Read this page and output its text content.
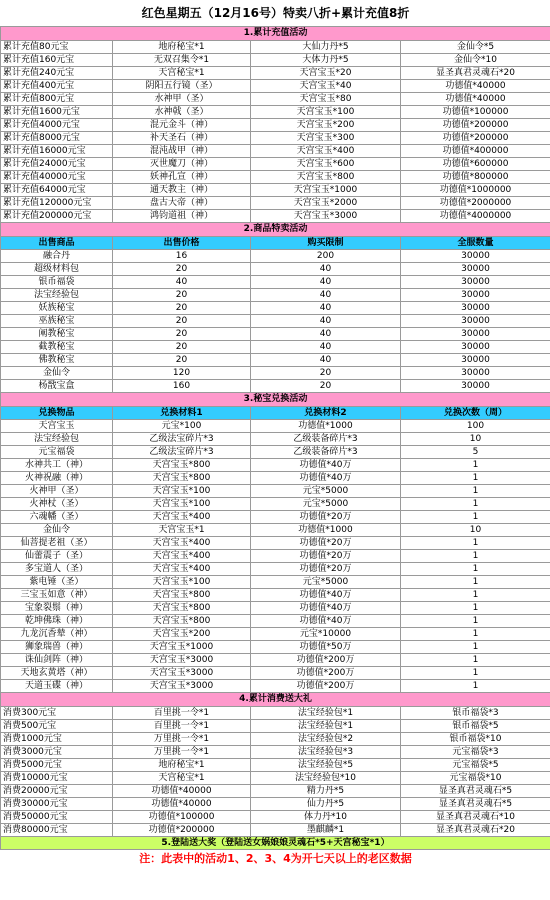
红色星期五（12月16号）特卖八折+累计充值8折			
1.累计充值活动			
累计充值80元宝	地府秘宝*1	大仙力丹*5	金仙令*5
累计充值160元宝	无双召集令*1	大体力丹*5	金仙令*10
累计充值240元宝	天宫秘宝*1	天宫宝玉*20	显圣真君灵魂石*20
累计充值400元宝	阴阳五行镜（圣）	天宫宝玉*40	功德值*40000
累计充值800元宝	水神甲（圣）	天宫宝玉*80	功德值*40000
累计充值1600元宝	水神戟（圣）	天宫宝玉*100	功德值*100000
累计充值4000元宝	混元金斗（神）	天宫宝玉*200	功德值*200000
累计充值8000元宝	补天圣石（神）	天宫宝玉*300	功德值*200000
累计充值16000元宝	混沌战甲（神）	天宫宝玉*400	功德值*400000
累计充值24000元宝	灭世魔刀（神）	天宫宝玉*600	功德值*600000
累计充值40000元宝	妖神孔宣（神）	天宫宝玉*800	功德值*800000
累计充值64000元宝	通天教主（神）	天宫宝玉*1000	功德值*1000000
累计充值120000元宝	盘古大帝（神）	天宫宝玉*2000	功德值*2000000
累计充值200000元宝	鸿钧道祖（神）	天宫宝玉*3000	功德值*4000000
2.商品特卖活动			
出售商品	出售价格	购买限制	全服数量
融合丹	16	200	30000
超级材料包	20	40	30000
银币福袋	40	40	30000
法宝经验包	20	40	30000
妖族秘宝	20	40	30000
巫族秘宝	20	40	30000
阐教秘宝	20	40	30000
截教秘宝	20	40	30000
佛教秘宝	20	40	30000
金仙令	120	20	30000
杨戬宝盒	160	20	30000
3.秘宝兑换活动			
兑换物品	兑换材料1	兑换材料2	兑换次数（周）
天宫宝玉	元宝*100	功德值*1000	100
法宝经验包	乙级法宝碎片*3	乙级装备碎片*3	10
元宝福袋	乙级法宝碎片*3	乙级装备碎片*3	5
水神共工（神）	天宫宝玉*800	功德值*40万	1
火神祝融（神）	天宫宝玉*800	功德值*40万	1
火神甲（圣）	天宫宝玉*100	元宝*5000	1
火神杖（圣）	天宫宝玉*100	元宝*5000	1
六魂幡（圣）	天宫宝玉*400	功德值*20万	1
金仙令	天宫宝玉*1	功德值*1000	10
仙菩提老祖（圣）	天宫宝玉*400	功德值*20万	1
仙蕾震子（圣）	天宫宝玉*400	功德值*20万	1
多宝道人（圣）	天宫宝玉*400	功德值*20万	1
紫电锤（圣）	天宫宝玉*100	元宝*5000	1
三宝玉如意（神）	天宫宝玉*800	功德值*40万	1
宝象裂鬃（神）	天宫宝玉*800	功德值*40万	1
乾坤佛珠（神）	天宫宝玉*800	功德值*40万	1
九龙沉香辇（神）	天宫宝玉*200	元宝*10000	1
狮象瑞兽（神）	天宫宝玉*1000	功德值*50万	1
诛仙剑阵（神）	天宫宝玉*3000	功德值*200万	1
天地玄黄塔（神）	天宫宝玉*3000	功德值*200万	1
天道玉碟（神）	天宫宝玉*3000	功德值*200万	1
4.累计消费送大礼			
消费300元宝	百里挑一令*1	法宝经验包*1	银币福袋*3
消费500元宝	百里挑一令*1	法宝经验包*1	银币福袋*5
消费1000元宝	万里挑一令*1	法宝经验包*2	银币福袋*10
消费3000元宝	万里挑一令*1	法宝经验包*3	元宝福袋*3
消费5000元宝	地府秘宝*1	法宝经验包*5	元宝福袋*5
消费10000元宝	天宫秘宝*1	法宝经验包*10	元宝福袋*10
消费20000元宝	功德值*40000	精力丹*5	显圣真君灵魂石*5
消费30000元宝	功德值*40000	仙力丹*5	显圣真君灵魂石*5
消费50000元宝	功德值*100000	体力丹*10	显圣真君灵魂石*10
消费80000元宝	功德值*200000	墨麒麟*1	显圣真君灵魂石*20
5.登陆送大奖（登陆送女娲娘娘灵魂石*5+天宫秘宝*1）			
注：此表中的活动1、2、3、4为开七天以上的老区数据			
